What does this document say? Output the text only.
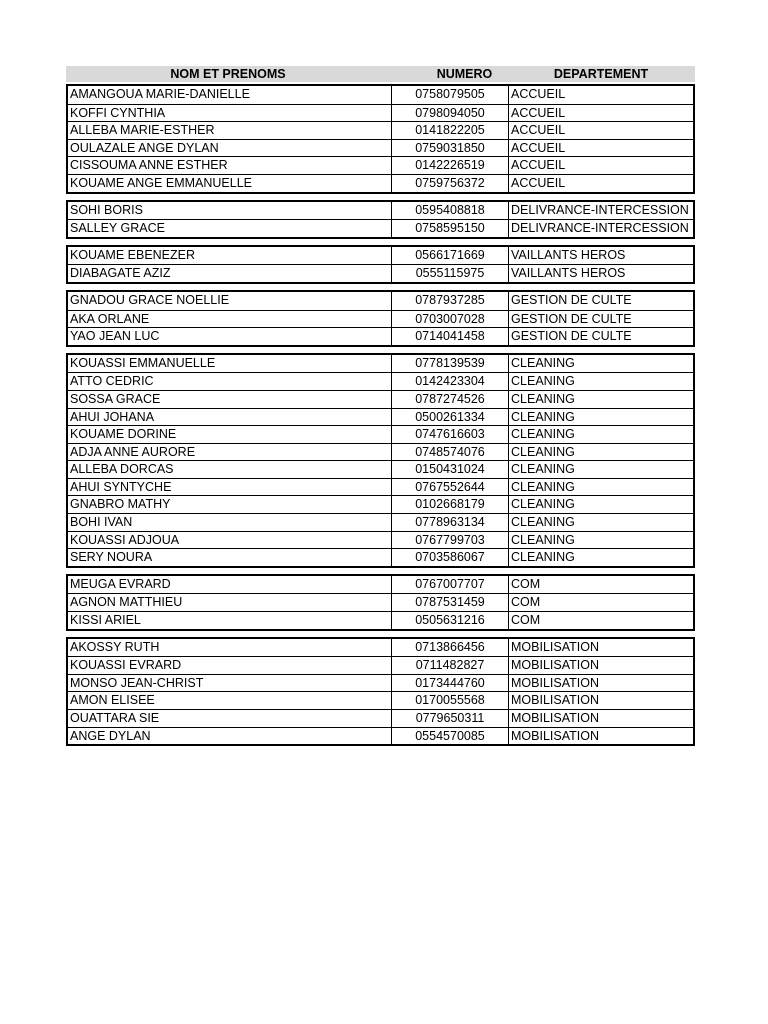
NOM ET PRENOMS	NUMERO	DEPARTEMENT
AMANGOUA MARIE-DANIELLE	0758079505	ACCUEIL
KOFFI CYNTHIA	0798094050	ACCUEIL
ALLEBA MARIE-ESTHER	0141822205	ACCUEIL
OULAZALE ANGE DYLAN	0759031850	ACCUEIL
CISSOUMA ANNE ESTHER	0142226519	ACCUEIL
KOUAME ANGE EMMANUELLE	0759756372	ACCUEIL
SOHI BORIS	0595408818	DELIVRANCE-INTERCESSION
SALLEY GRACE	0758595150	DELIVRANCE-INTERCESSION
KOUAME EBENEZER	0566171669	VAILLANTS HEROS
DIABAGATE AZIZ	0555115975	VAILLANTS HEROS
GNADOU GRACE NOELLIE	0787937285	GESTION DE CULTE
AKA ORLANE	0703007028	GESTION DE CULTE
YAO JEAN LUC	0714041458	GESTION DE CULTE
KOUASSI EMMANUELLE	0778139539	CLEANING
ATTO CEDRIC	0142423304	CLEANING
SOSSA GRACE	0787274526	CLEANING
AHUI JOHANA	0500261334	CLEANING
KOUAME DORINE	0747616603	CLEANING
ADJA ANNE AURORE	0748574076	CLEANING
ALLEBA DORCAS	0150431024	CLEANING
AHUI SYNTYCHE	0767552644	CLEANING
GNABRO MATHY	0102668179	CLEANING
BOHI IVAN	0778963134	CLEANING
KOUASSI ADJOUA	0767799703	CLEANING
SERY NOURA	0703586067	CLEANING
MEUGA EVRARD	0767007707	COM
AGNON MATTHIEU	0787531459	COM
KISSI ARIEL	0505631216	COM
AKOSSY RUTH	0713866456	MOBILISATION
KOUASSI EVRARD	0711482827	MOBILISATION
MONSO JEAN-CHRIST	0173444760	MOBILISATION
AMON ELISEE	0170055568	MOBILISATION
OUATTARA SIE	0779650311	MOBILISATION
ANGE DYLAN	0554570085	MOBILISATION
